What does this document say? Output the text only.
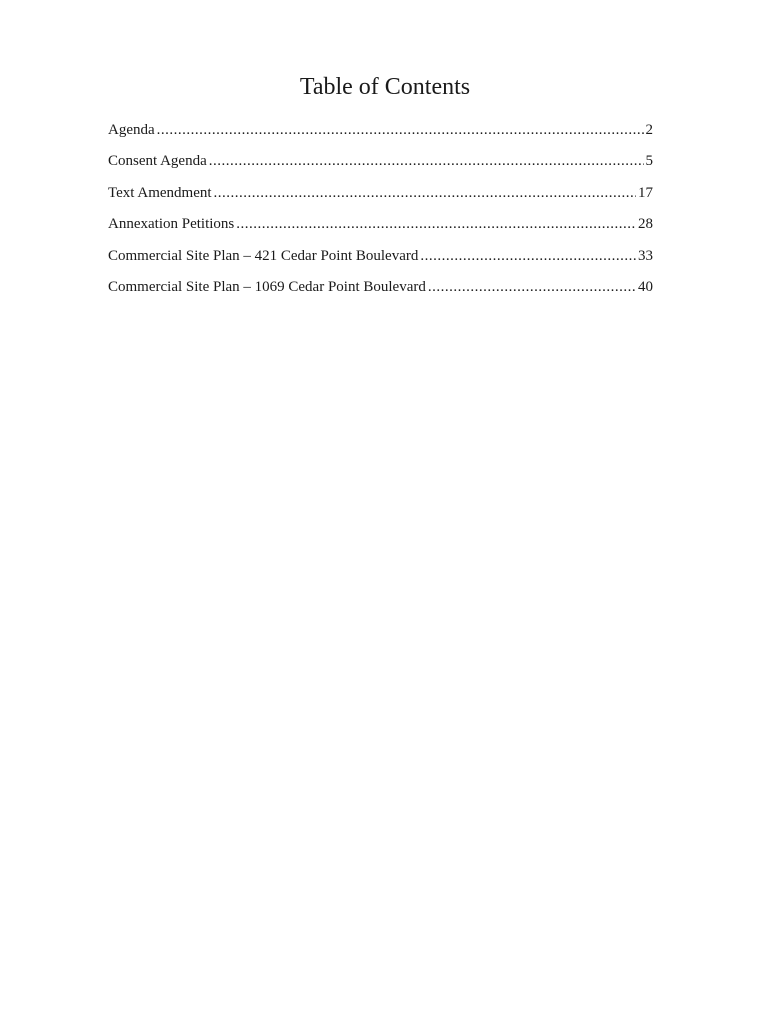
Table of Contents
Agenda .....	2
Consent Agenda .....	5
Text Amendment .....	17
Annexation Petitions .....	28
Commercial Site Plan – 421 Cedar Point Boulevard .....	33
Commercial Site Plan – 1069 Cedar Point Boulevard .....	40
